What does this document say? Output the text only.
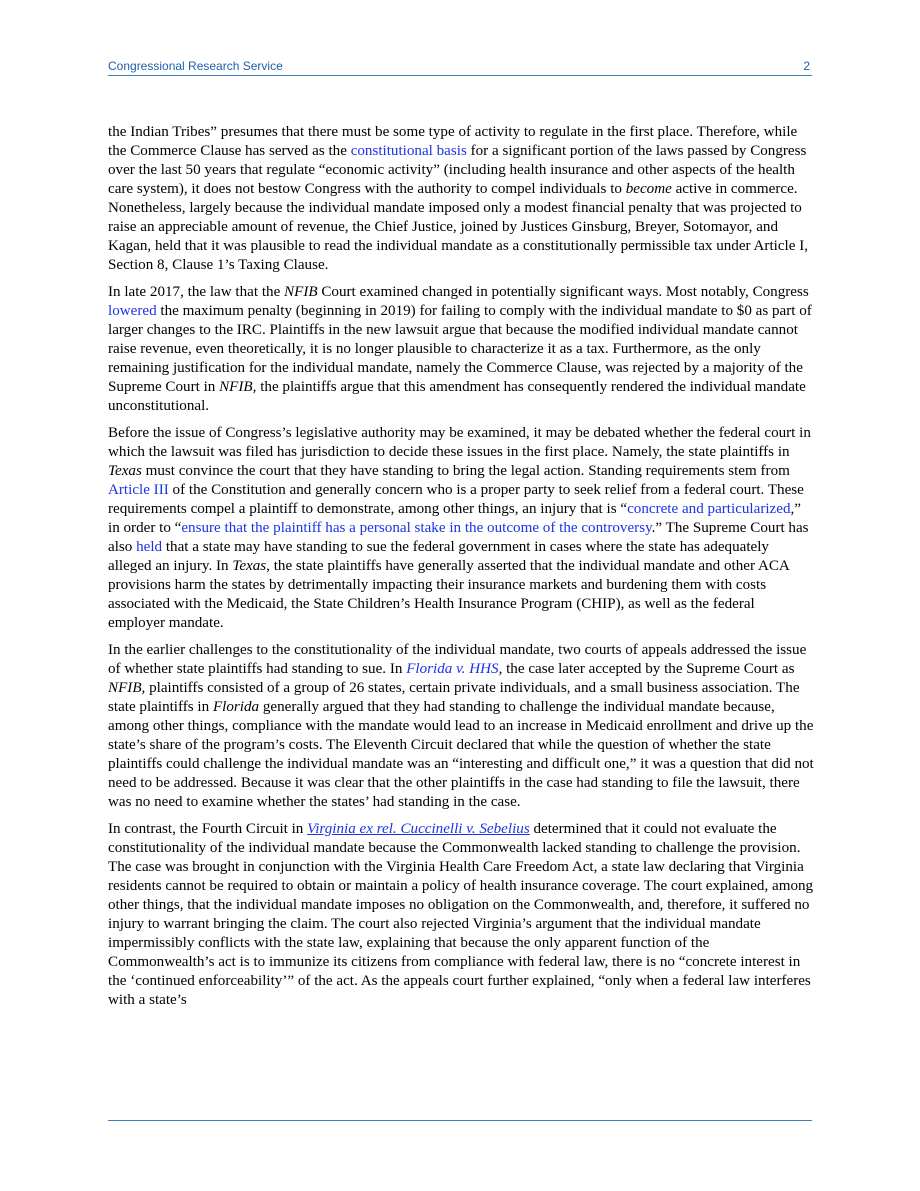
Congressional Research Service	2

the Indian Tribes” presumes that there must be some type of activity to regulate in the first place. Therefore, while the Commerce Clause has served as the constitutional basis for a significant portion of the laws passed by Congress over the last 50 years that regulate “economic activity” (including health insurance and other aspects of the health care system), it does not bestow Congress with the authority to compel individuals to become active in commerce. Nonetheless, largely because the individual mandate imposed only a modest financial penalty that was projected to raise an appreciable amount of revenue, the Chief Justice, joined by Justices Ginsburg, Breyer, Sotomayor, and Kagan, held that it was plausible to read the individual mandate as a constitutionally permissible tax under Article I, Section 8, Clause 1’s Taxing Clause.

In late 2017, the law that the NFIB Court examined changed in potentially significant ways. Most notably, Congress lowered the maximum penalty (beginning in 2019) for failing to comply with the individual mandate to $0 as part of larger changes to the IRC. Plaintiffs in the new lawsuit argue that because the modified individual mandate cannot raise revenue, even theoretically, it is no longer plausible to characterize it as a tax. Furthermore, as the only remaining justification for the individual mandate, namely the Commerce Clause, was rejected by a majority of the Supreme Court in NFIB, the plaintiffs argue that this amendment has consequently rendered the individual mandate unconstitutional.

Before the issue of Congress’s legislative authority may be examined, it may be debated whether the federal court in which the lawsuit was filed has jurisdiction to decide these issues in the first place. Namely, the state plaintiffs in Texas must convince the court that they have standing to bring the legal action. Standing requirements stem from Article III of the Constitution and generally concern who is a proper party to seek relief from a federal court. These requirements compel a plaintiff to demonstrate, among other things, an injury that is “concrete and particularized,” in order to “ensure that the plaintiff has a personal stake in the outcome of the controversy.” The Supreme Court has also held that a state may have standing to sue the federal government in cases where the state has adequately alleged an injury. In Texas, the state plaintiffs have generally asserted that the individual mandate and other ACA provisions harm the states by detrimentally impacting their insurance markets and burdening them with costs associated with the Medicaid, the State Children’s Health Insurance Program (CHIP), as well as the federal employer mandate.

In the earlier challenges to the constitutionality of the individual mandate, two courts of appeals addressed the issue of whether state plaintiffs had standing to sue. In Florida v. HHS, the case later accepted by the Supreme Court as NFIB, plaintiffs consisted of a group of 26 states, certain private individuals, and a small business association. The state plaintiffs in Florida generally argued that they had standing to challenge the individual mandate because, among other things, compliance with the mandate would lead to an increase in Medicaid enrollment and drive up the state’s share of the program’s costs. The Eleventh Circuit declared that while the question of whether the state plaintiffs could challenge the individual mandate was an “interesting and difficult one,” it was a question that did not need to be addressed. Because it was clear that the other plaintiffs in the case had standing to file the lawsuit, there was no need to examine whether the states’ had standing in the case.

In contrast, the Fourth Circuit in Virginia ex rel. Cuccinelli v. Sebelius determined that it could not evaluate the constitutionality of the individual mandate because the Commonwealth lacked standing to challenge the provision. The case was brought in conjunction with the Virginia Health Care Freedom Act, a state law declaring that Virginia residents cannot be required to obtain or maintain a policy of health insurance coverage. The court explained, among other things, that the individual mandate imposes no obligation on the Commonwealth, and, therefore, it suffered no injury to warrant bringing the claim. The court also rejected Virginia’s argument that the individual mandate impermissibly conflicts with the state law, explaining that because the only apparent function of the Commonwealth’s act is to immunize its citizens from compliance with federal law, there is no “concrete interest in the ‘continued enforceability’” of the act. As the appeals court further explained, “only when a federal law interferes with a state’s
